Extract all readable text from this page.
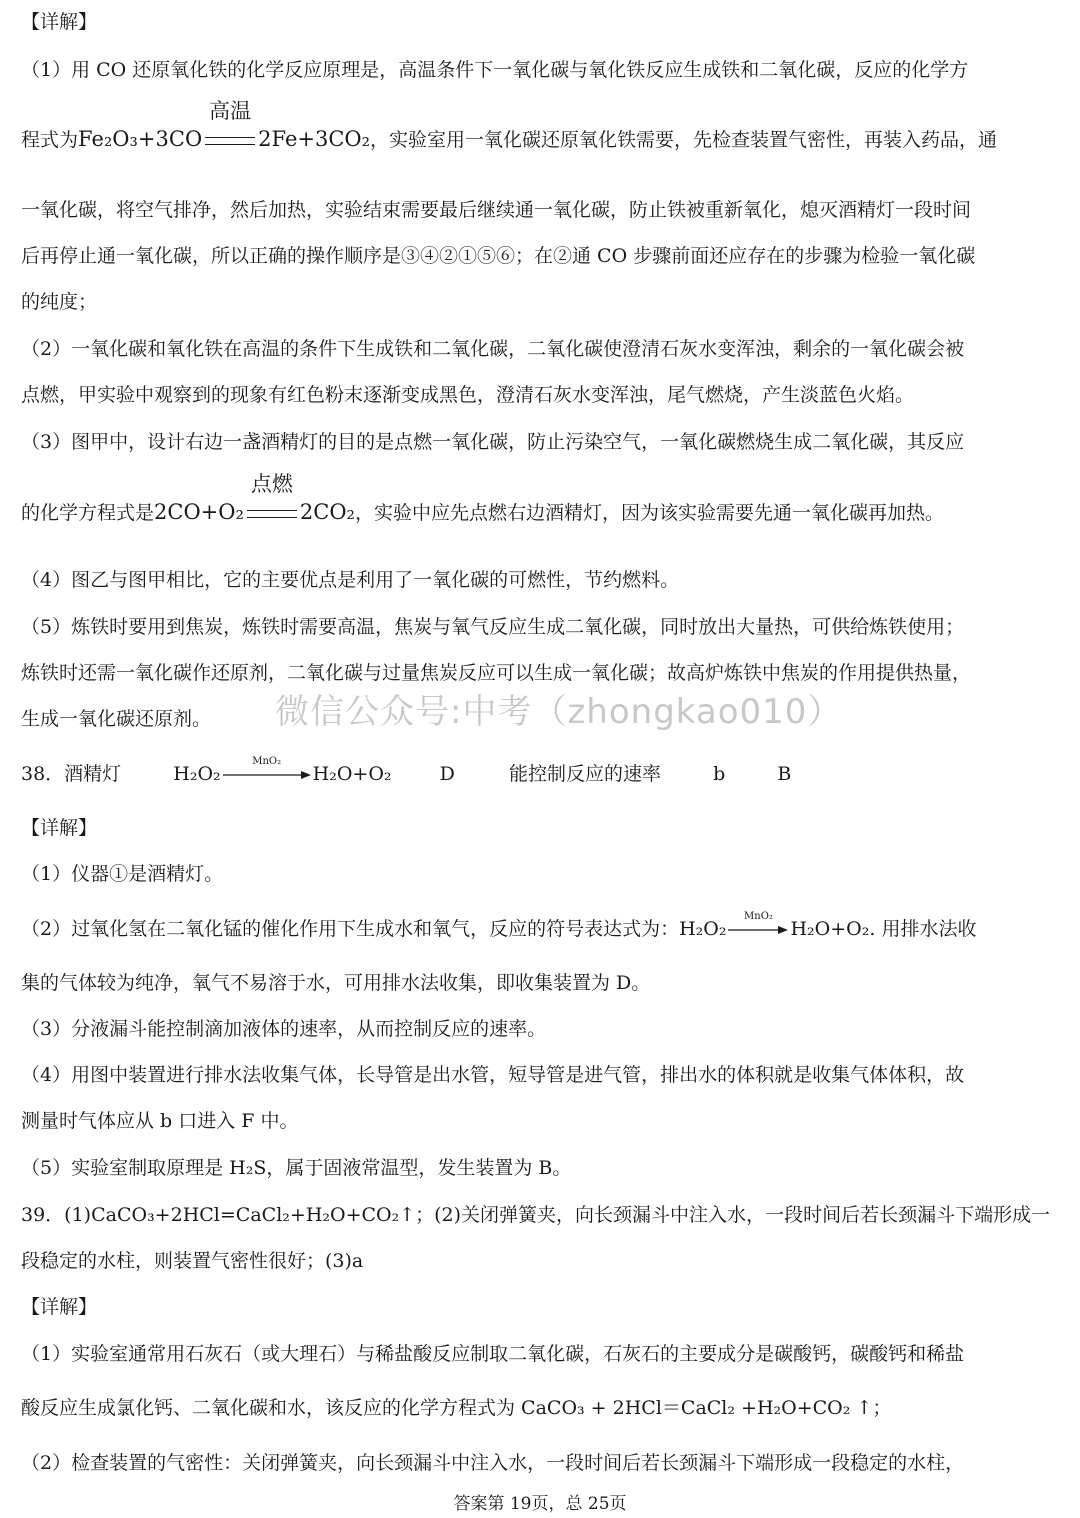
【详解】
（1）用 CO 还原氧化铁的化学反应原理是，高温条件下一氧化碳与氧化铁反应生成铁和二氧化碳，反应的化学方
程式为Fe₂O₃+3CO
高温
2Fe+3CO₂，实验室用一氧化碳还原氧化铁需要，先检查装置气密性，再装入药品，通
一氧化碳，将空气排净，然后加热，实验结束需要最后继续通一氧化碳，防止铁被重新氧化，熄灭酒精灯一段时间
后再停止通一氧化碳，所以正确的操作顺序是③④②①⑤⑥；在②通 CO 步骤前面还应存在的步骤为检验一氧化碳
的纯度；
（2）一氧化碳和氧化铁在高温的条件下生成铁和二氧化碳，二氧化碳使澄清石灰水变浑浊，剩余的一氧化碳会被
点燃，甲实验中观察到的现象有红色粉末逐渐变成黑色，澄清石灰水变浑浊，尾气燃烧，产生淡蓝色火焰。
（3）图甲中，设计右边一盏酒精灯的目的是点燃一氧化碳，防止污染空气，一氧化碳燃烧生成二氧化碳，其反应
的化学方程式是2CO+O₂
点燃
2CO₂，实验中应先点燃右边酒精灯，因为该实验需要先通一氧化碳再加热。
（4）图乙与图甲相比，它的主要优点是利用了一氧化碳的可燃性，节约燃料。
（5）炼铁时要用到焦炭，炼铁时需要高温，焦炭与氧气反应生成二氧化碳，同时放出大量热，可供给炼铁使用；
炼铁时还需一氧化碳作还原剂，二氧化碳与过量焦炭反应可以生成一氧化碳；故高炉炼铁中焦炭的作用提供热量，
生成一氧化碳还原剂。 微信公众号:中考（zhongkao010）
38．酒精灯	H₂O₂
MnO₂
H₂O+O₂	D	能控制反应的速率	b	B
【详解】
（1）仪器①是酒精灯。
（2）过氧化氢在二氧化锰的催化作用下生成水和氧气，反应的符号表达式为：H₂O₂
MnO₂
H₂O+O₂. 用排水法收
集的气体较为纯净，氧气不易溶于水，可用排水法收集，即收集装置为 D。
（3）分液漏斗能控制滴加液体的速率，从而控制反应的速率。
（4）用图中装置进行排水法收集气体，长导管是出水管，短导管是进气管，排出水的体积就是收集气体体积，故
测量时气体应从 b 口进入 F 中。
（5）实验室制取原理是 H₂S，属于固液常温型，发生装置为 B。
39．(1)CaCO₃+2HCl=CaCl₂+H₂O+CO₂↑；(2)关闭弹簧夹，向长颈漏斗中注入水，一段时间后若长颈漏斗下端形成一
段稳定的水柱，则装置气密性很好；(3)a
【详解】
（1）实验室通常用石灰石（或大理石）与稀盐酸反应制取二氧化碳，石灰石的主要成分是碳酸钙，碳酸钙和稀盐
酸反应生成氯化钙、二氧化碳和水，该反应的化学方程式为 CaCO₃ + 2HCl＝CaCl₂ +H₂O+CO₂ ↑；
（2）检查装置的气密性：关闭弹簧夹，向长颈漏斗中注入水，一段时间后若长颈漏斗下端形成一段稳定的水柱，
答案第 19页，总 25页
